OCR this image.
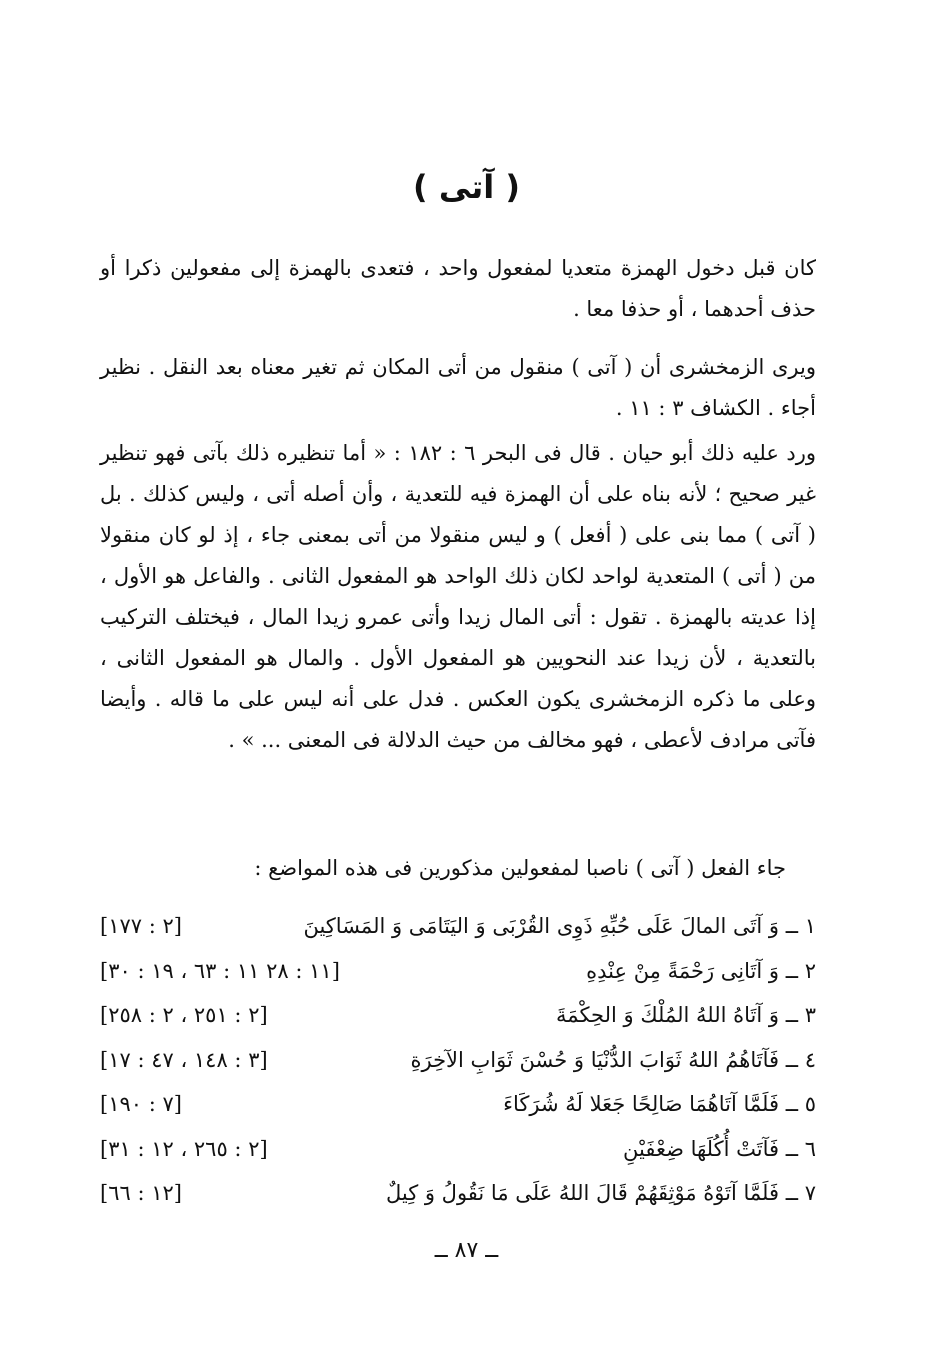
( آتى )

كان قبل دخول الهمزة متعديا لمفعول واحد ، فتعدى بالهمزة إلى مفعولين ذكرا أو حذف أحدهما ، أو حذفا معا .

ويرى الزمخشرى أن ( آتى ) منقول من أتى المكان ثم تغير معناه بعد النقل . نظير أجاء . الكشاف ٣ : ١١ .

ورد عليه ذلك أبو حيان . قال فى البحر ٦ : ١٨٢ : « أما تنظيره ذلك بآتى فهو تنظير غير صحيح ؛ لأنه بناه على أن الهمزة فيه للتعدية ، وأن أصله أتى ، وليس كذلك . بل ( آتى ) مما بنى على ( أفعل ) و ليس منقولا من أتى بمعنى جاء ، إذ لو كان منقولا من ( أتى ) المتعدية لواحد لكان ذلك الواحد هو المفعول الثانى . والفاعل هو الأول ، إذا عديته بالهمزة . تقول : أتى المال زيدا وأتى عمرو زيدا المال ، فيختلف التركيب بالتعدية ، لأن زيدا عند النحويين هو المفعول الأول . والمال هو المفعول الثانى ، وعلى ما ذكره الزمخشرى يكون العكس . فدل على أنه ليس على ما قاله . وأيضا فآتى مرادف لأعطى ، فهو مخالف من حيث الدلالة فى المعنى ... » .

جاء الفعل ( آتى ) ناصبا لمفعولين مذكورين فى هذه المواضع :
١ ــ وَ آتَى المالَ عَلَى حُبِّهِ ذَوِى القُرْبَى وَ اليَتَامَى وَ المَسَاكِينَ
[٢ : ١٧٧]
٢ ــ وَ آتَانِى رَحْمَةً مِنْ عِنْدِهِ
[١١ : ٢٨ ١١ : ٦٣ ، ١٩ : ٣٠]
٣ ــ وَ آتَاهُ اللهُ المُلْكَ وَ الحِكْمَةَ
[٢ : ٢٥١ ، ٢ : ٢٥٨]
٤ ــ فَآتَاهُمُ اللهُ ثَوَابَ الدُّنْيَا وَ حُسْنَ ثَوَابِ الآخِرَةِ
[٣ : ١٤٨ ، ٤٧ : ١٧]
٥ ــ فَلَمَّا آتَاهُمَا صَالِحًا جَعَلا لَهُ شُرَكَاءَ
[٧ : ١٩٠]
٦ ــ فَآتَتْ أُكُلَهَا ضِعْفَيْنِ
[٢ : ٢٦٥ ، ١٢ : ٣١]
٧ ــ فَلَمَّا آتَوْهُ مَوْثِقَهُمْ قَالَ اللهُ عَلَى مَا نَقُولُ وَ كِيلٌ
[١٢ : ٦٦]
ــ ٨٧ ــ
